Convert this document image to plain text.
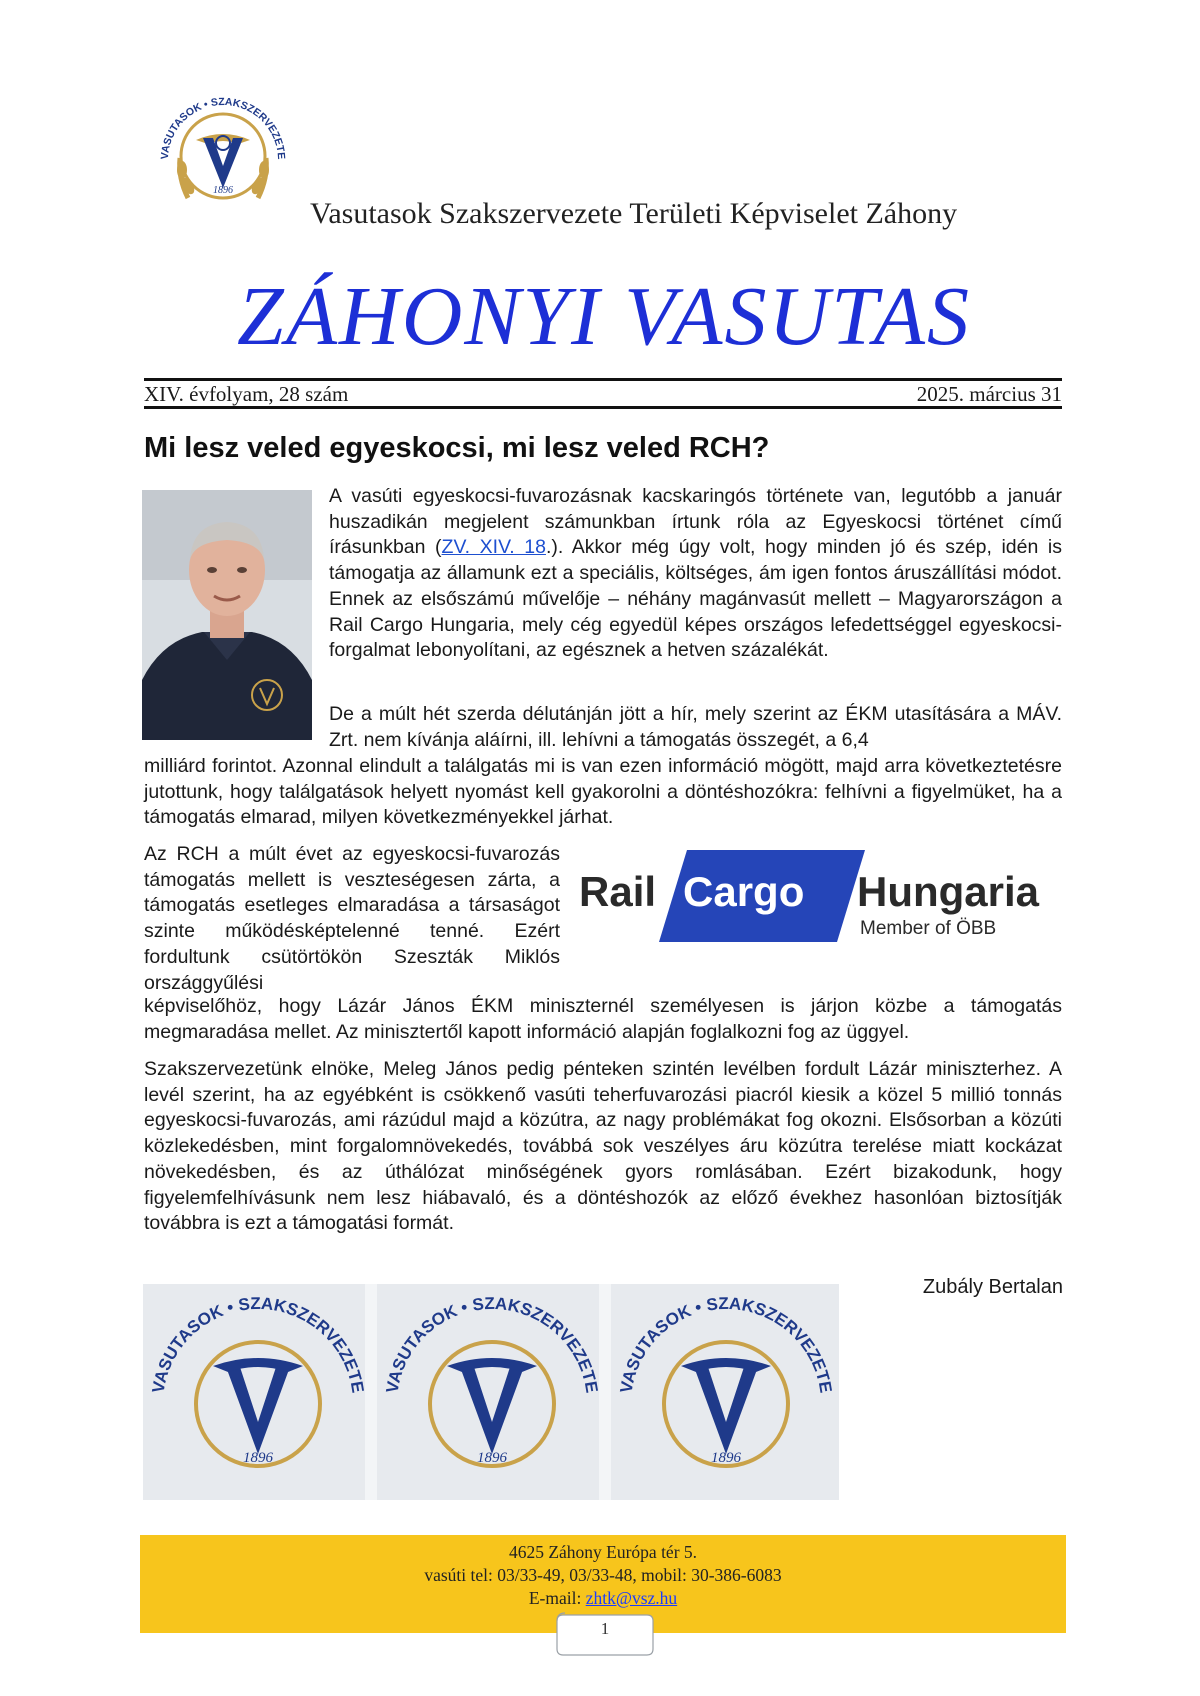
VASUTASOK • SZAKSZERVEZETE
1896
Vasutasok Szakszervezete Területi Képviselet Záhony
ZÁHONYI VASUTAS
XIV. évfolyam, 28 szám	2025. március 31
Mi lesz veled egyeskocsi, mi lesz veled RCH?
A vasúti egyeskocsi-fuvarozásnak kacskaringós története van, legutóbb a január huszadikán megjelent számunkban írtunk róla az Egyeskocsi történet című írásunkban (ZV. XIV. 18.). Akkor még úgy volt, hogy minden jó és szép, idén is támogatja az államunk ezt a speciális, költséges, ám igen fontos áruszállítási módot. Ennek az elsőszámú művelője – néhány magánvasút mellett – Magyarországon a Rail Cargo Hungaria, mely cég egyedül képes országos lefedettséggel egyeskocsi-forgalmat lebonyolítani, az egésznek a hetven százalékát.
De a múlt hét szerda délutánján jött a hír, mely szerint az ÉKM utasítására a MÁV. Zrt. nem kívánja aláírni, ill. lehívni a támogatás összegét, a 6,4
milliárd forintot. Azonnal elindult a találgatás mi is van ezen információ mögött, majd arra következtetésre jutottunk, hogy találgatások helyett nyomást kell gyakorolni a döntéshozókra: felhívni a figyelmüket, ha a támogatás elmarad, milyen következményekkel járhat.
Az RCH a múlt évet az egyeskocsi-fuvarozás támogatás mellett is veszteségesen zárta, a támogatás esetleges elmaradása a társaságot szinte működésképtelenné tenné. Ezért fordultunk csütörtökön Szeszták Miklós országgyűlési
Rail Cargo Hungaria
Member of ÖBB
képviselőhöz, hogy Lázár János ÉKM miniszternél személyesen is járjon közbe a támogatás megmaradása mellet. Az minisztertől kapott információ alapján foglalkozni fog az üggyel.
Szakszervezetünk elnöke, Meleg János pedig pénteken szintén levélben fordult Lázár miniszterhez. A levél szerint, ha az egyébként is csökkenő vasúti teherfuvarozási piacról kiesik a közel 5 millió tonnás egyeskocsi-fuvarozás, ami rázúdul majd a közútra, az nagy problémákat fog okozni. Elsősorban a közúti közlekedésben, mint forgalomnövekedés, továbbá sok veszélyes áru közútra terelése miatt kockázat növekedésben, és az úthálózat minőségének gyors romlásában. Ezért bizakodunk, hogy figyelemfelhívásunk nem lesz hiábavaló, és a döntéshozók az előző évekhez hasonlóan biztosítják továbbra is ezt a támogatási formát.
Zubály Bertalan
VASUTASOK • SZAKSZERVEZETE
1896
VASUTASOK • SZAKSZERVEZETE
1896
VASUTASOK • SZAKSZERVEZETE
1896
4625 Záhony Európa tér 5.
vasúti tel: 03/33-49, 03/33-48, mobil: 30-386-6083
E-mail: zhtk@vsz.hu
1
